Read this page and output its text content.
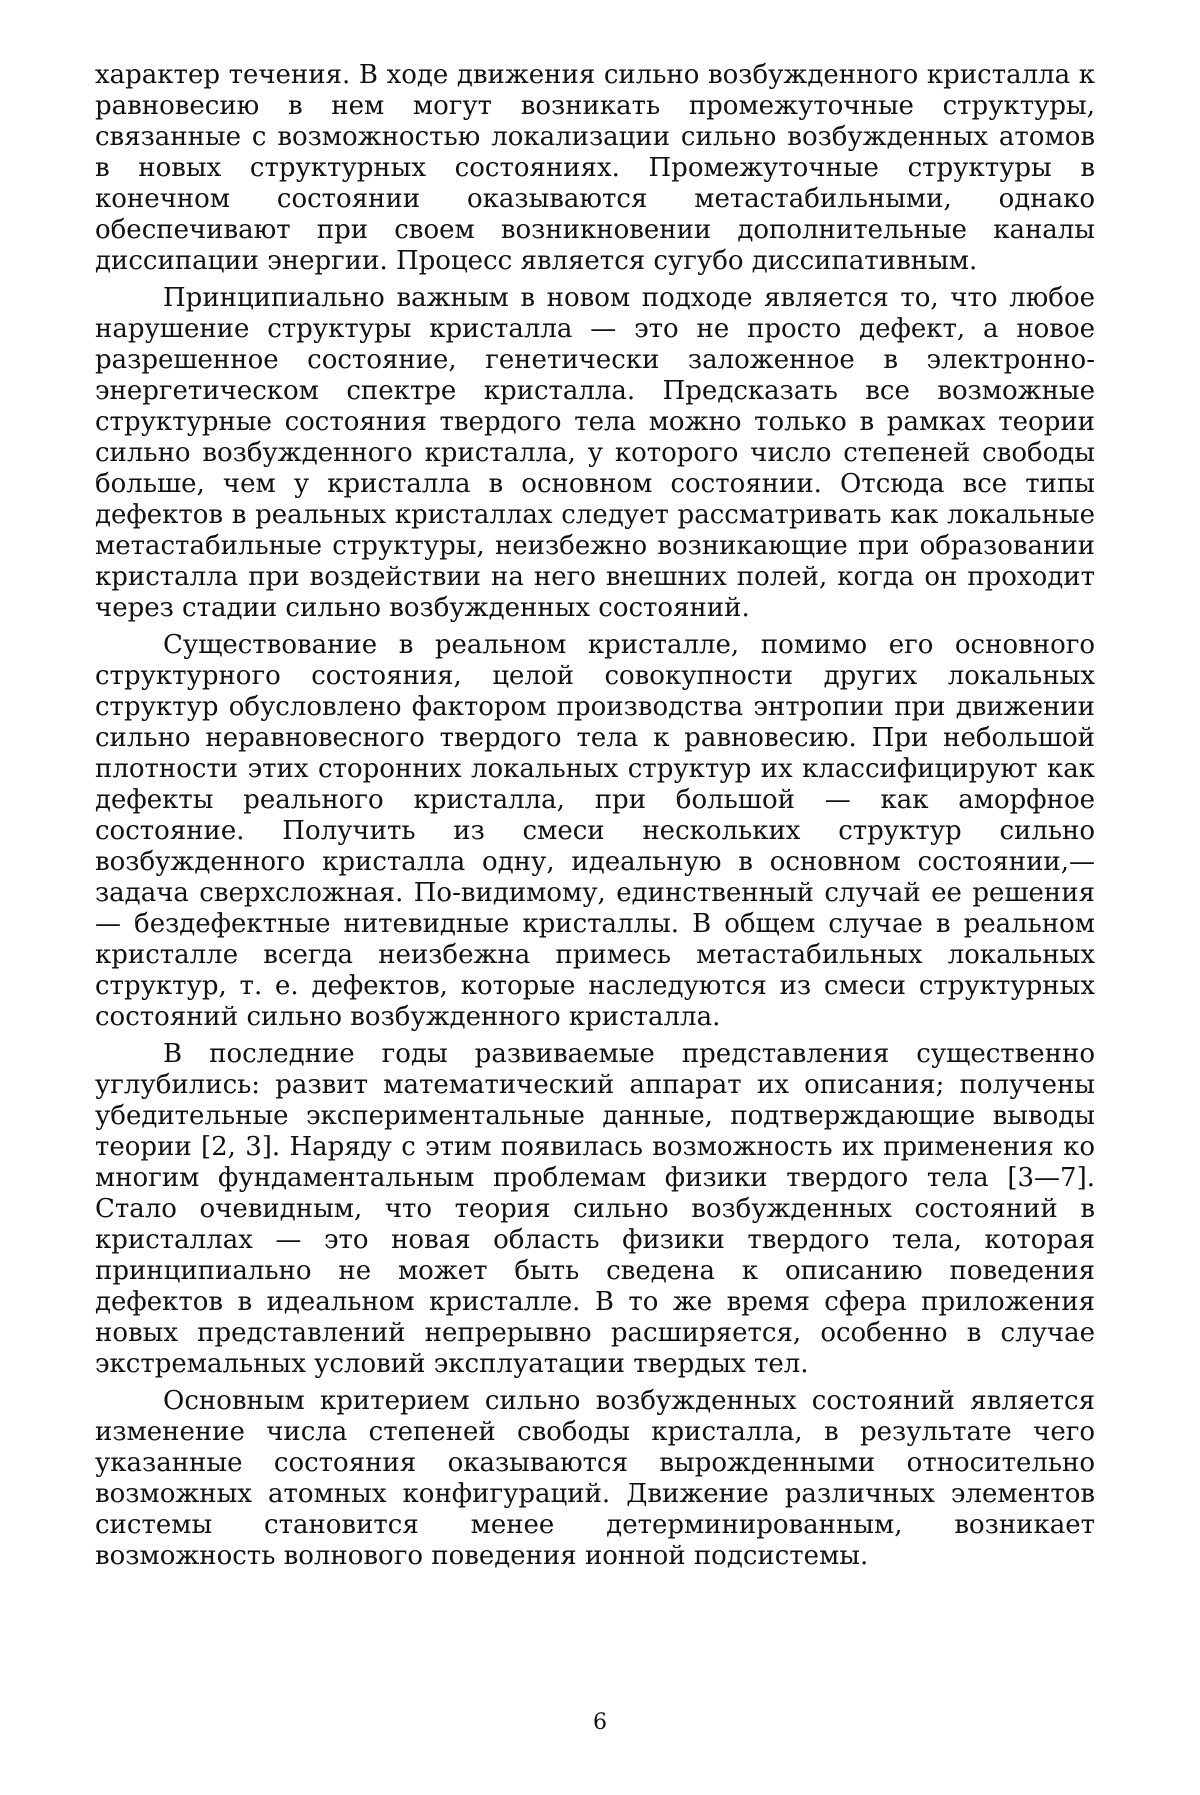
характер течения. В ходе движения сильно возбужденного кристалла к равновесию в нем могут возникать промежуточные структуры, связанные с возможностью локализации сильно возбужденных атомов в новых структурных состояниях. Промежуточные структуры в конечном состоянии оказываются метастабильными, однако обеспечивают при своем возникновении дополнительные каналы диссипации энергии. Процесс является сугубо диссипативным.

Принципиально важным в новом подходе является то, что любое нарушение структуры кристалла — это не просто дефект, а новое разрешенное состояние, генетически заложенное в электронно-энергетическом спектре кристалла. Предсказать все возможные структурные состояния твердого тела можно только в рамках теории сильно возбужденного кристалла, у которого число степеней свободы больше, чем у кристалла в основном состоянии. Отсюда все типы дефектов в реальных кристаллах следует рассматривать как локальные метастабильные структуры, неизбежно возникающие при образовании кристалла при воздействии на него внешних полей, когда он проходит через стадии сильно возбужденных состояний.

Существование в реальном кристалле, помимо его основного структурного состояния, целой совокупности других локальных структур обусловлено фактором производства энтропии при движении сильно неравновесного твердого тела к равновесию. При небольшой плотности этих сторонних локальных структур их классифицируют как дефекты реального кристалла, при большой — как аморфное состояние. Получить из смеси нескольких структур сильно возбужденного кристалла одну, идеальную в основном состоянии,— задача сверхсложная. По-видимому, единственный случай ее решения — бездефектные нитевидные кристаллы. В общем случае в реальном кристалле всегда неизбежна примесь метастабильных локальных структур, т. е. дефектов, которые наследуются из смеси структурных состояний сильно возбужденного кристалла.

В последние годы развиваемые представления существенно углубились: развит математический аппарат их описания; получены убедительные экспериментальные данные, подтверждающие выводы теории [2, 3]. Наряду с этим появилась возможность их применения ко многим фундаментальным проблемам физики твердого тела [3—7]. Стало очевидным, что теория сильно возбужденных состояний в кристаллах — это новая область физики твердого тела, которая принципиально не может быть сведена к описанию поведения дефектов в идеальном кристалле. В то же время сфера приложения новых представлений непрерывно расширяется, особенно в случае экстремальных условий эксплуатации твердых тел.

Основным критерием сильно возбужденных состояний является изменение числа степеней свободы кристалла, в результате чего указанные состояния оказываются вырожденными относительно возможных атомных конфигураций. Движение различных элементов системы становится менее детерминированным, возникает возможность волнового поведения ионной подсистемы.

6
